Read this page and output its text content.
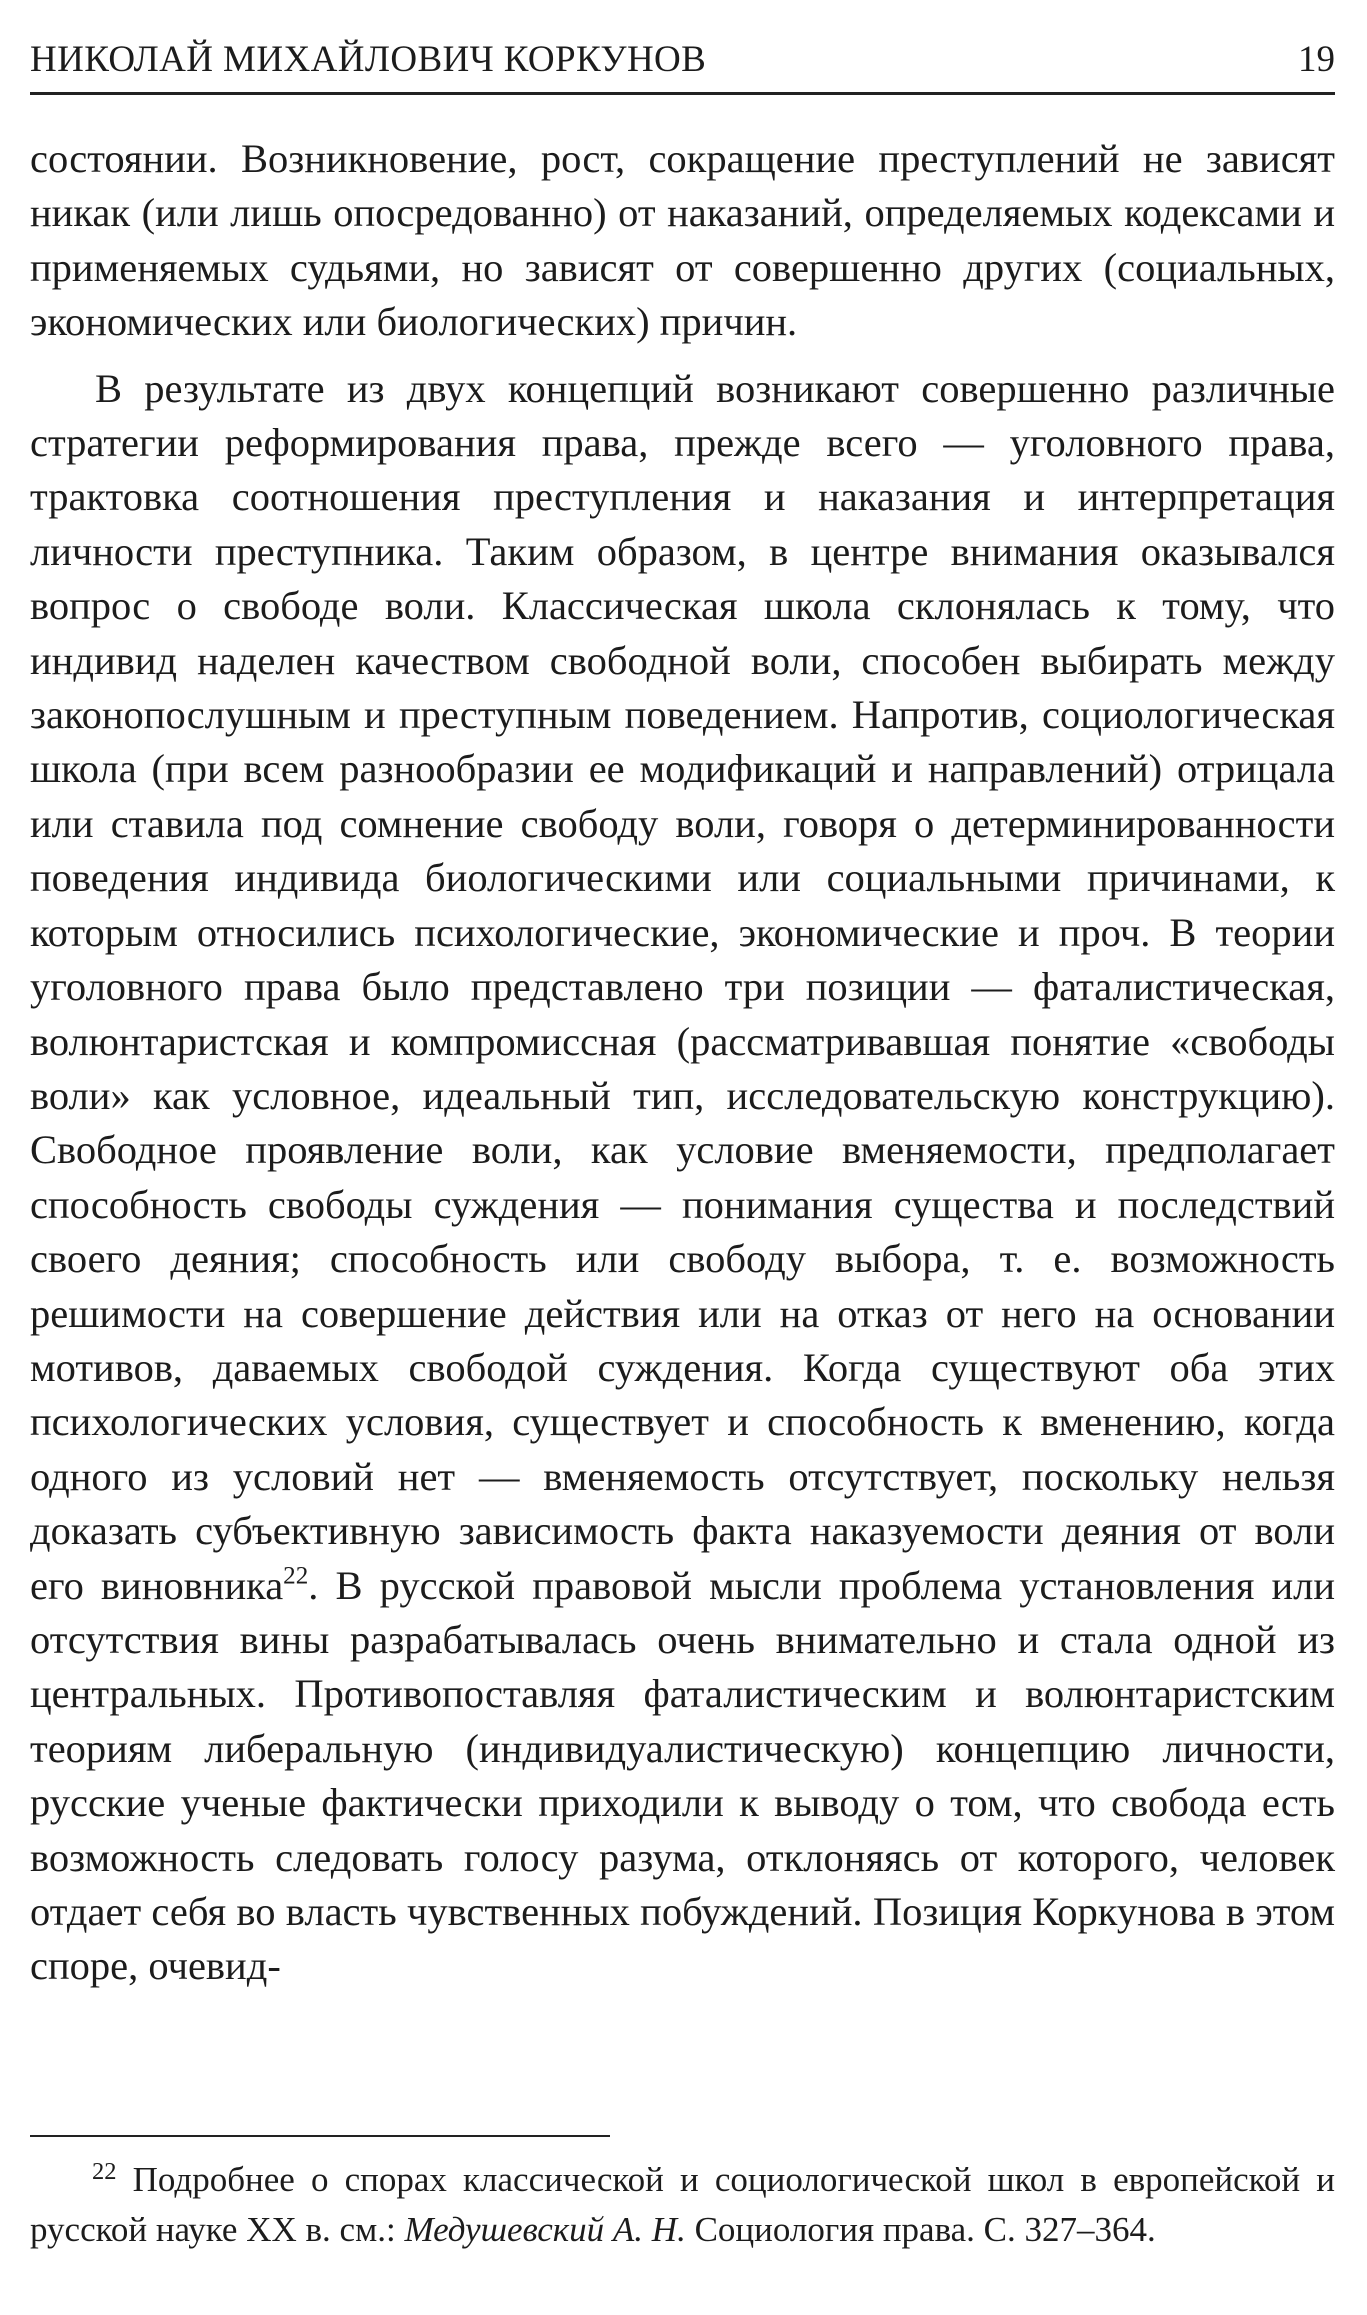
НИКОЛАЙ МИХАЙЛОВИЧ КОРКУНОВ	19

состоянии. Возникновение, рост, сокращение преступлений не зависят никак (или лишь опосредованно) от наказаний, определяемых кодексами и применяемых судьями, но зависят от совершенно других (социальных, экономических или биологических) причин.

В результате из двух концепций возникают совершенно различные стратегии реформирования права, прежде всего — уголовного права, трактовка соотношения преступления и наказания и интерпретация личности преступника. Таким образом, в центре внимания оказывался вопрос о свободе воли. Классическая школа склонялась к тому, что индивид наделен качеством свободной воли, способен выбирать между законопослушным и преступным поведением. Напротив, социологическая школа (при всем разнообразии ее модификаций и направлений) отрицала или ставила под сомнение свободу воли, говоря о детерминированности поведения индивида биологическими или социальными причинами, к которым относились психологические, экономические и проч. В теории уголовного права было представлено три позиции — фаталистическая, волюнтаристская и компромиссная (рассматривавшая понятие «свободы воли» как условное, идеальный тип, исследовательскую конструкцию). Свободное проявление воли, как условие вменяемости, предполагает способность свободы суждения — понимания существа и последствий своего деяния; способность или свободу выбора, т. е. возможность решимости на совершение действия или на отказ от него на основании мотивов, даваемых свободой суждения. Когда существуют оба этих психологических условия, существует и способность к вменению, когда одного из условий нет — вменяемость отсутствует, поскольку нельзя доказать субъективную зависимость факта наказуемости деяния от воли его виновника$^{22}$. В русской правовой мысли проблема установления или отсутствия вины разрабатывалась очень внимательно и стала одной из центральных. Противопоставляя фаталистическим и волюнтаристским теориям либеральную (индивидуалистическую) концепцию личности, русские ученые фактически приходили к выводу о том, что свобода есть возможность следовать голосу разума, отклоняясь от которого, человек отдает себя во власть чувственных побуждений. Позиция Коркунова в этом споре, очевид-

$^{22}$ Подробнее о спорах классической и социологической школ в европейской и русской науке XX в. см.: Медушевский А. Н. Социология права. С. 327–364.
